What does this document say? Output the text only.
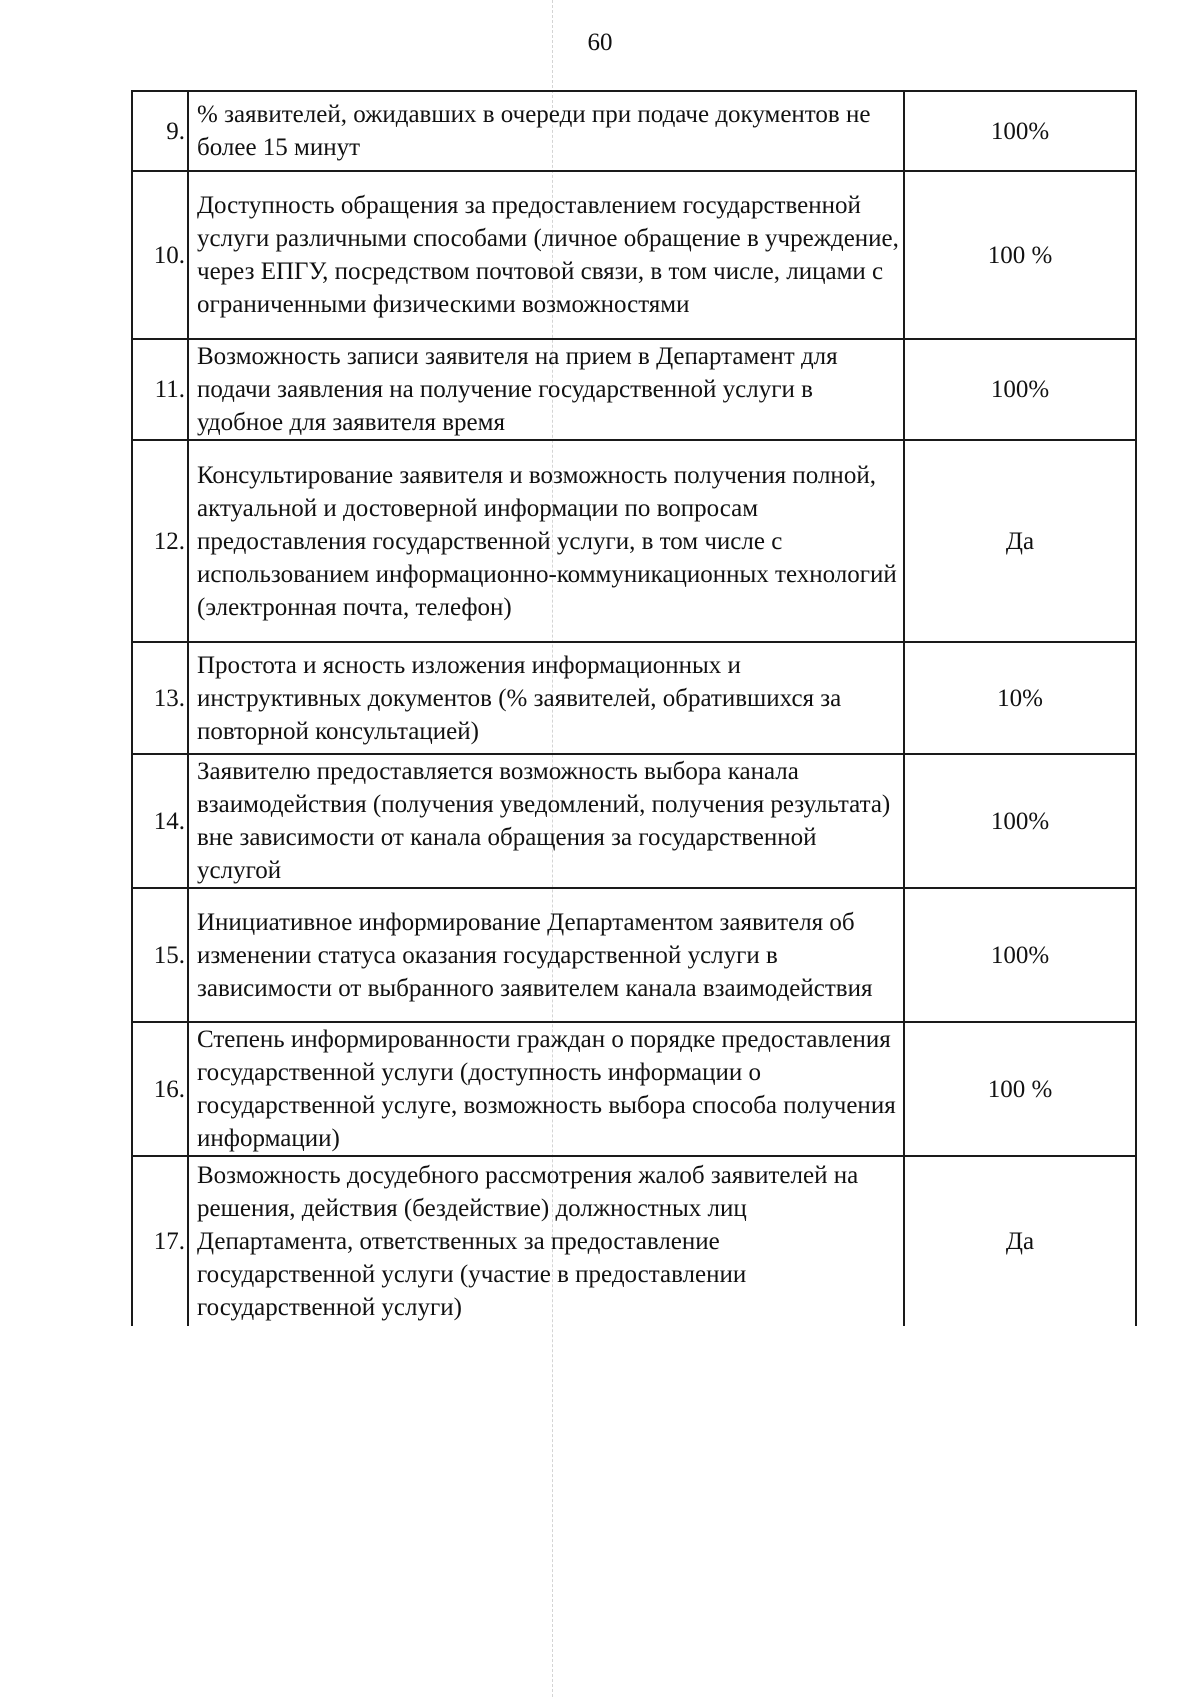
60
9.	% заявителей, ожидавших в очереди при подаче документов не более 15 минут	100%
10.	Доступность обращения за предоставлением государственной услуги различными способами (личное обращение в учреждение, через ЕПГУ, посредством почтовой связи, в том числе, лицами с ограниченными физическими возможностями	100 %
11.	Возможность записи заявителя на прием в Департамент для подачи заявления на получение государственной услуги в удобное для заявителя время	100%
12.	Консультирование заявителя и возможность получения полной, актуальной и достоверной информации по вопросам предоставления государственной услуги, в том числе с использованием информационно-коммуникационных технологий (электронная почта, телефон)	Да
13.	Простота и ясность изложения информационных и инструктивных документов (% заявителей, обратившихся за повторной консультацией)	10%
14.	Заявителю предоставляется возможность выбора канала взаимодействия (получения уведомлений, получения результата) вне зависимости от канала обращения за государственной услугой	100%
15.	Инициативное информирование Департаментом заявителя об изменении статуса оказания государственной услуги в зависимости от выбранного заявителем канала взаимодействия	100%
16.	Степень информированности граждан о порядке предоставления государственной услуги (доступность информации о государственной услуге, возможность выбора способа получения информации)	100 %
17.	Возможность досудебного рассмотрения жалоб заявителей на решения, действия (бездействие) должностных лиц Департамента, ответственных за предоставление государственной услуги (участие в предоставлении государственной услуги)	Да
